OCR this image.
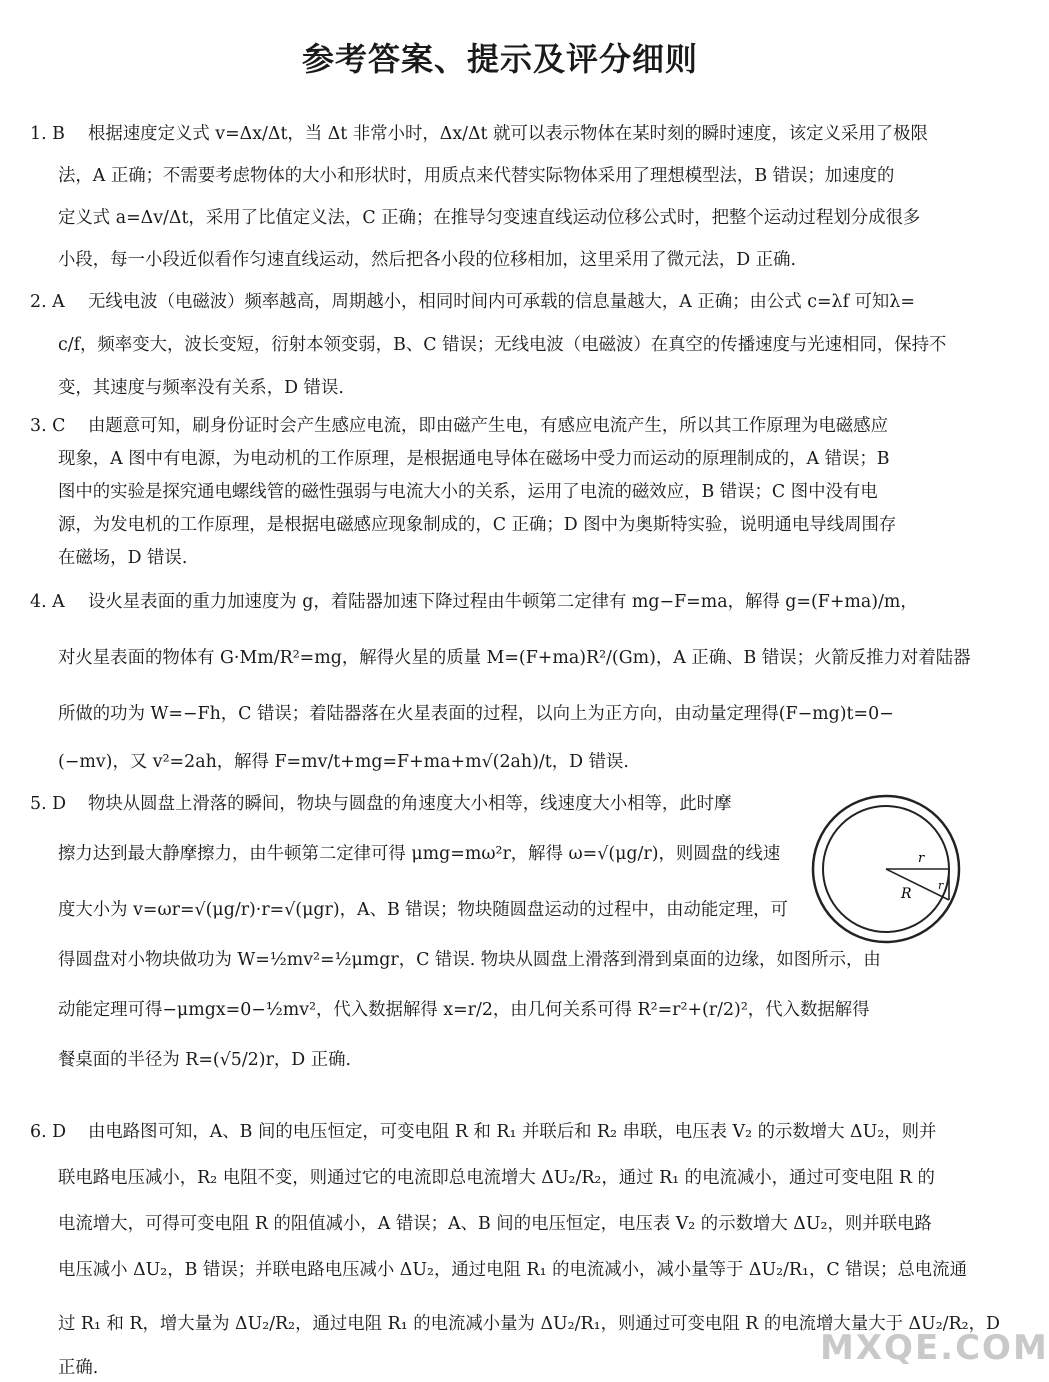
参考答案、提示及评分细则
1. B 根据速度定义式 v=Δx/Δt，当 Δt 非常小时，Δx/Δt 就可以表示物体在某时刻的瞬时速度，该定义采用了极限
法，A 正确；不需要考虑物体的大小和形状时，用质点来代替实际物体采用了理想模型法，B 错误；加速度的
定义式 a=Δv/Δt，采用了比值定义法，C 正确；在推导匀变速直线运动位移公式时，把整个运动过程划分成很多
小段，每一小段近似看作匀速直线运动，然后把各小段的位移相加，这里采用了微元法，D 正确.
2. A 无线电波（电磁波）频率越高，周期越小，相同时间内可承载的信息量越大，A 正确；由公式 c=λf 可知λ=
c/f，频率变大，波长变短，衍射本领变弱，B、C 错误；无线电波（电磁波）在真空的传播速度与光速相同，保持不
变，其速度与频率没有关系，D 错误.
3. C 由题意可知，刷身份证时会产生感应电流，即由磁产生电，有感应电流产生，所以其工作原理为电磁感应
现象，A 图中有电源，为电动机的工作原理，是根据通电导体在磁场中受力而运动的原理制成的，A 错误；B
图中的实验是探究通电螺线管的磁性强弱与电流大小的关系，运用了电流的磁效应，B 错误；C 图中没有电
源，为发电机的工作原理，是根据电磁感应现象制成的，C 正确；D 图中为奥斯特实验，说明通电导线周围存
在磁场，D 错误.
4. A 设火星表面的重力加速度为 g，着陆器加速下降过程由牛顿第二定律有 mg−F=ma，解得 g=(F+ma)/m，
对火星表面的物体有 G·Mm/R²=mg，解得火星的质量 M=(F+ma)R²/(Gm)，A 正确、B 错误；火箭反推力对着陆器
所做的功为 W=−Fh，C 错误；着陆器落在火星表面的过程，以向上为正方向，由动量定理得(F−mg)t=0−
(−mv)，又 v²=2ah，解得 F=mv/t+mg=F+ma+m√(2ah)/t，D 错误.
5. D 物块从圆盘上滑落的瞬间，物块与圆盘的角速度大小相等，线速度大小相等，此时摩
擦力达到最大静摩擦力，由牛顿第二定律可得 μmg=mω²r，解得 ω=√(μg/r)，则圆盘的线速
度大小为 v=ωr=√(μg/r)·r=√(μgr)，A、B 错误；物块随圆盘运动的过程中，由动能定理，可
得圆盘对小物块做功为 W=½mv²=½μmgr，C 错误. 物块从圆盘上滑落到滑到桌面的边缘，如图所示，由
动能定理可得−μmgx=0−½mv²，代入数据解得 x=r/2，由几何关系可得 R²=r²+(r/2)²，代入数据解得
餐桌面的半径为 R=(√5/2)r，D 正确.
r
r
R
6. D 由电路图可知，A、B 间的电压恒定，可变电阻 R 和 R₁ 并联后和 R₂ 串联，电压表 V₂ 的示数增大 ΔU₂，则并
联电路电压减小，R₂ 电阻不变，则通过它的电流即总电流增大 ΔU₂/R₂，通过 R₁ 的电流减小，通过可变电阻 R 的
电流增大，可得可变电阻 R 的阻值减小，A 错误；A、B 间的电压恒定，电压表 V₂ 的示数增大 ΔU₂，则并联电路
电压减小 ΔU₂，B 错误；并联电路电压减小 ΔU₂，通过电阻 R₁ 的电流减小，减小量等于 ΔU₂/R₁，C 错误；总电流通
过 R₁ 和 R，增大量为 ΔU₂/R₂，通过电阻 R₁ 的电流减小量为 ΔU₂/R₁，则通过可变电阻 R 的电流增大量大于 ΔU₂/R₂，D
正确.	MXQE.COM
